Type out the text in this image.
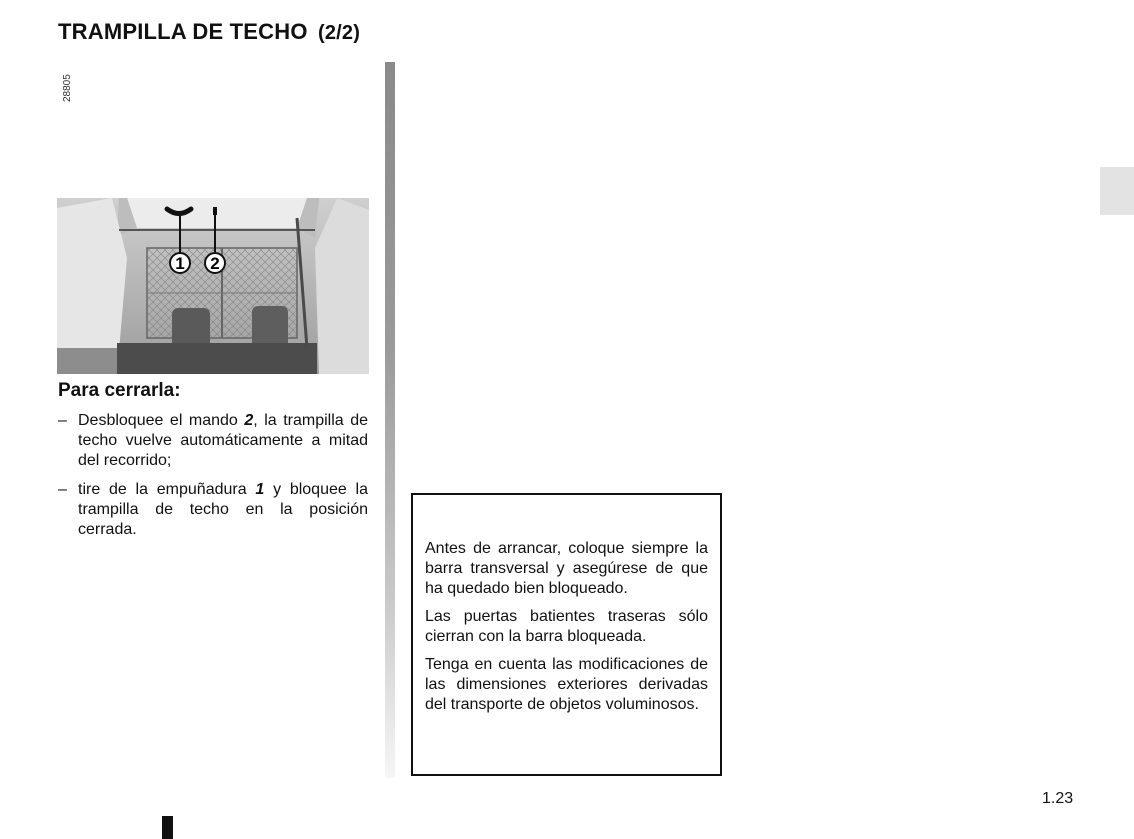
TRAMPILLA DE TECHO (2/2)
28805
1 2
Para cerrarla:
– Desbloquee el mando 2, la trampilla de techo vuelve automáticamente a mitad del recorrido;
– tire de la empuñadura 1 y bloquee la trampilla de techo en la posición cerrada.

Antes de arrancar, coloque siempre la barra transversal y asegúrese de que ha quedado bien bloqueado.

Las puertas batientes traseras sólo cierran con la barra bloqueada.

Tenga en cuenta las modificaciones de las dimensiones exteriores derivadas del transporte de objetos voluminosos.

1.23
